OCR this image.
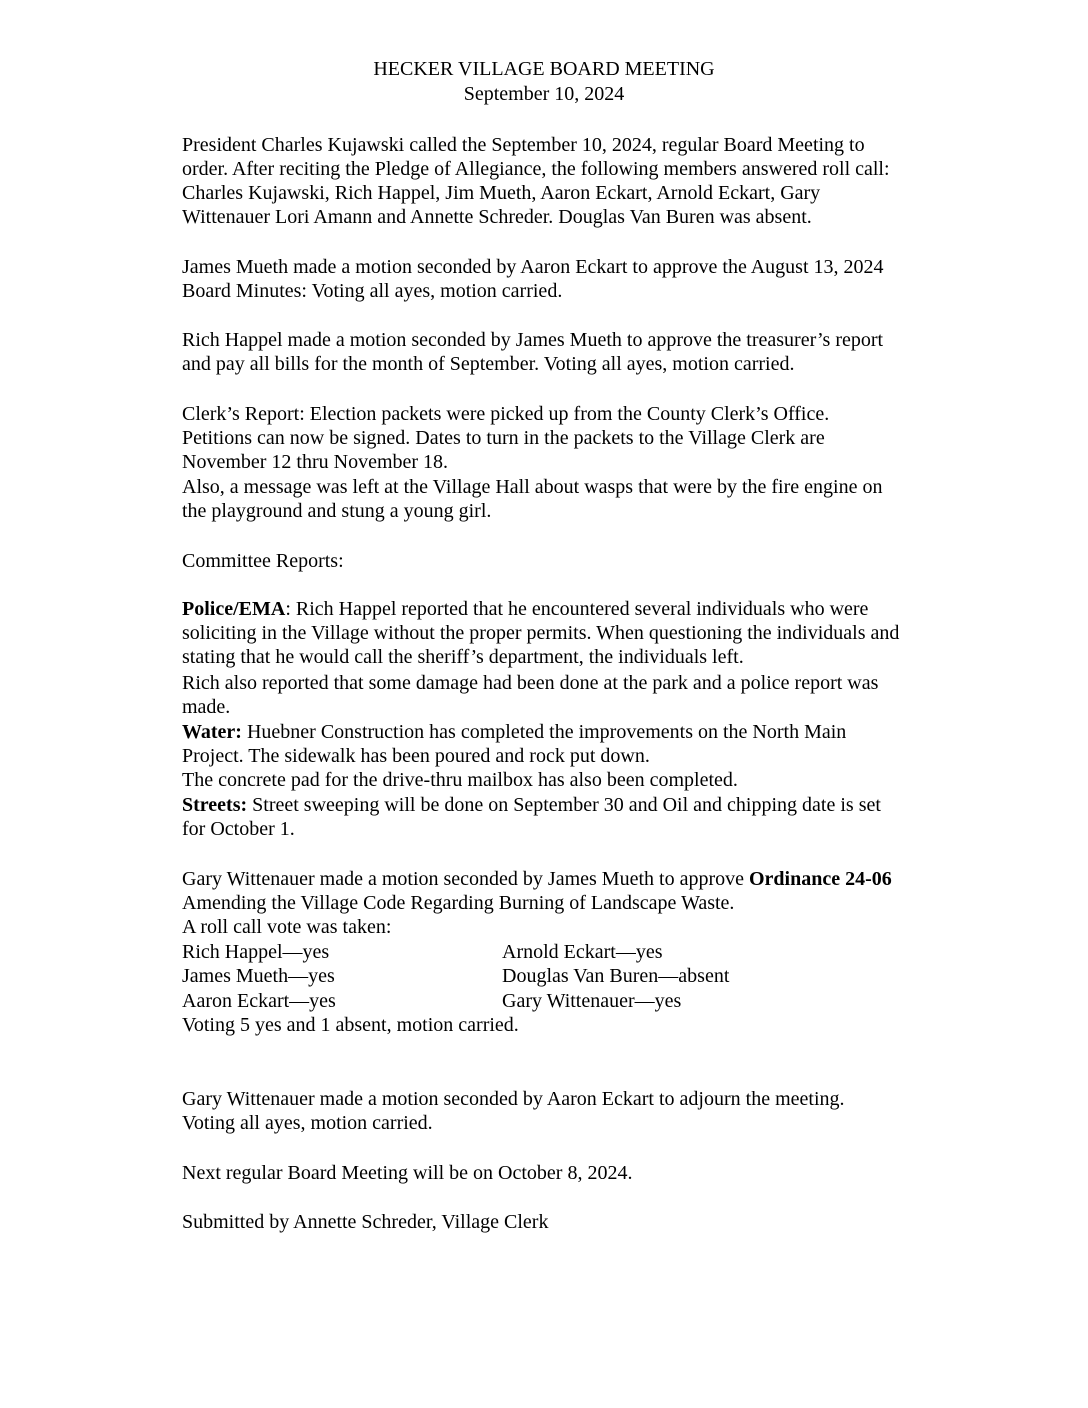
HECKER VILLAGE BOARD MEETING
September 10, 2024
President Charles Kujawski called the September 10, 2024, regular Board Meeting to
order. After reciting the Pledge of Allegiance, the following members answered roll call:
Charles Kujawski, Rich Happel, Jim Mueth, Aaron Eckart, Arnold Eckart, Gary
Wittenauer Lori Amann and Annette Schreder. Douglas Van Buren was absent.
James Mueth made a motion seconded by Aaron Eckart to approve the August 13, 2024
Board Minutes: Voting all ayes, motion carried.
Rich Happel made a motion seconded by James Mueth to approve the treasurer’s report
and pay all bills for the month of September. Voting all ayes, motion carried.
Clerk’s Report: Election packets were picked up from the County Clerk’s Office.
Petitions can now be signed. Dates to turn in the packets to the Village Clerk are
November 12 thru November 18.
Also, a message was left at the Village Hall about wasps that were by the fire engine on
the playground and stung a young girl.
Committee Reports:
Police/EMA: Rich Happel reported that he encountered several individuals who were
soliciting in the Village without the proper permits. When questioning the individuals and
stating that he would call the sheriff’s department, the individuals left.
Rich also reported that some damage had been done at the park and a police report was
made.
Water: Huebner Construction has completed the improvements on the North Main
Project. The sidewalk has been poured and rock put down.
The concrete pad for the drive-thru mailbox has also been completed.
Streets: Street sweeping will be done on September 30 and Oil and chipping date is set
for October 1.
Gary Wittenauer made a motion seconded by James Mueth to approve Ordinance 24-06
Amending the Village Code Regarding Burning of Landscape Waste.
A roll call vote was taken:
Rich Happel—yes	Arnold Eckart—yes
James Mueth—yes	Douglas Van Buren—absent
Aaron Eckart—yes	Gary Wittenauer—yes
Voting 5 yes and 1 absent, motion carried.
Gary Wittenauer made a motion seconded by Aaron Eckart to adjourn the meeting.
Voting all ayes, motion carried.
Next regular Board Meeting will be on October 8, 2024.
Submitted by Annette Schreder, Village Clerk
